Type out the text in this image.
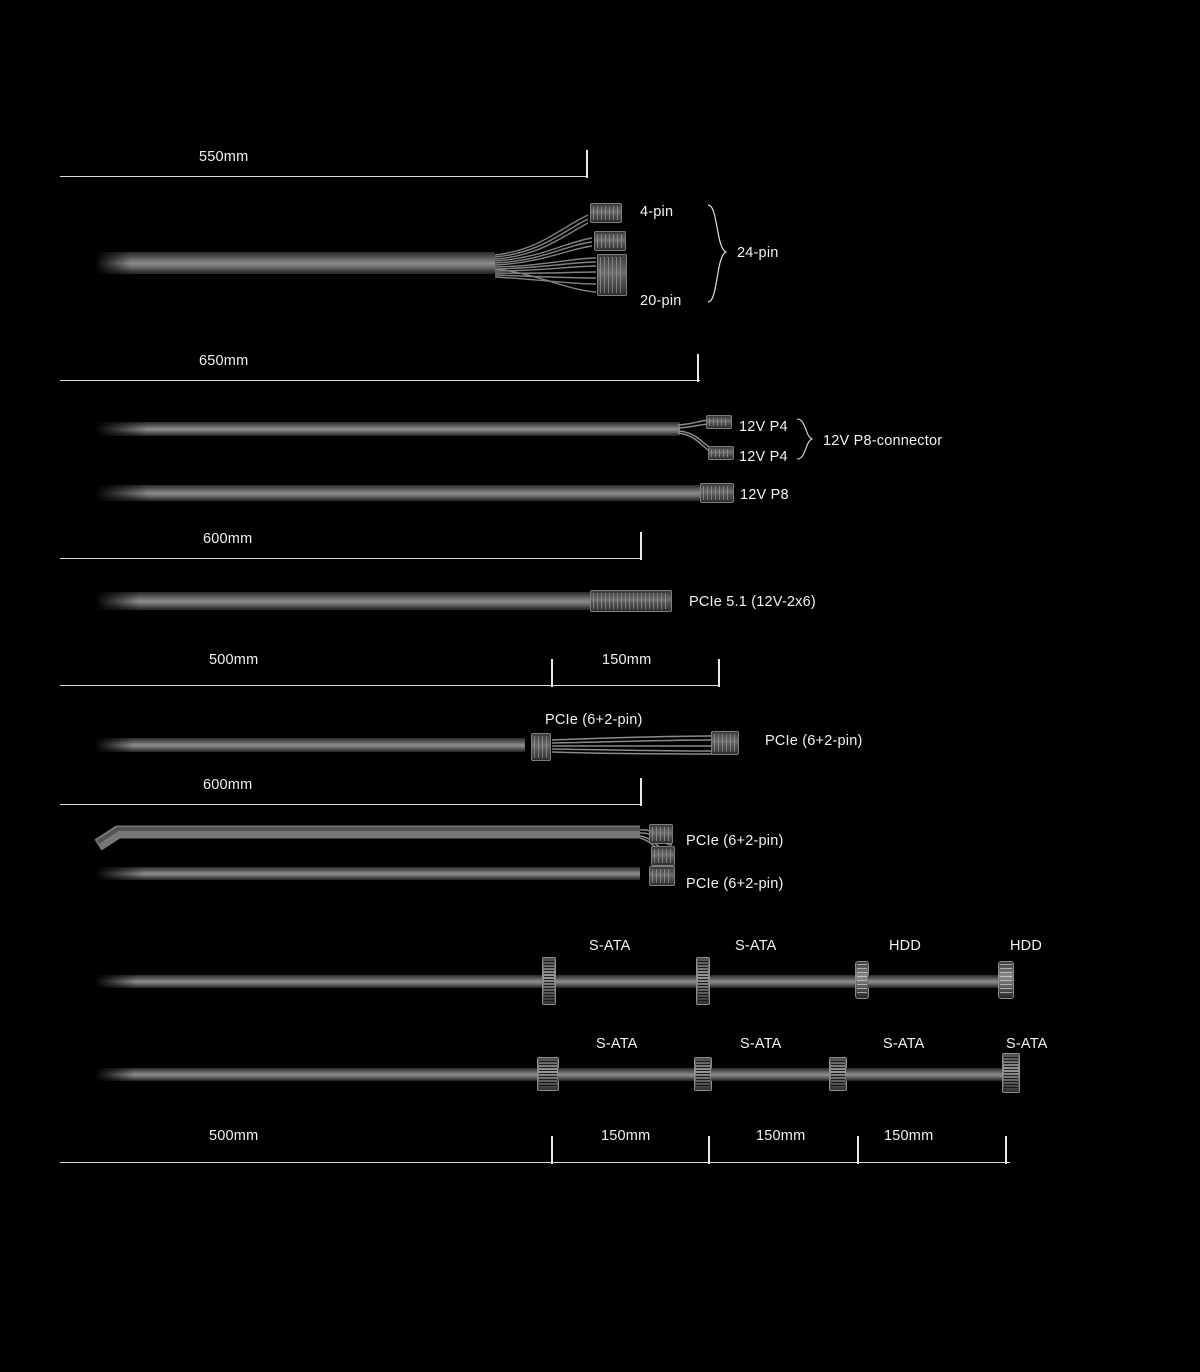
550mm
4-pin
20-pin
24-pin
650mm
12V P4
12V P4
12V P8-connector
12V P8
600mm
PCIe 5.1 (12V-2x6)
500mm	150mm
PCIe (6+2-pin)
PCIe (6+2-pin)
600mm
PCIe (6+2-pin)
PCIe (6+2-pin)
S-ATA	S-ATA	HDD	HDD
S-ATA	S-ATA	S-ATA	S-ATA
500mm	150mm	150mm	150mm
